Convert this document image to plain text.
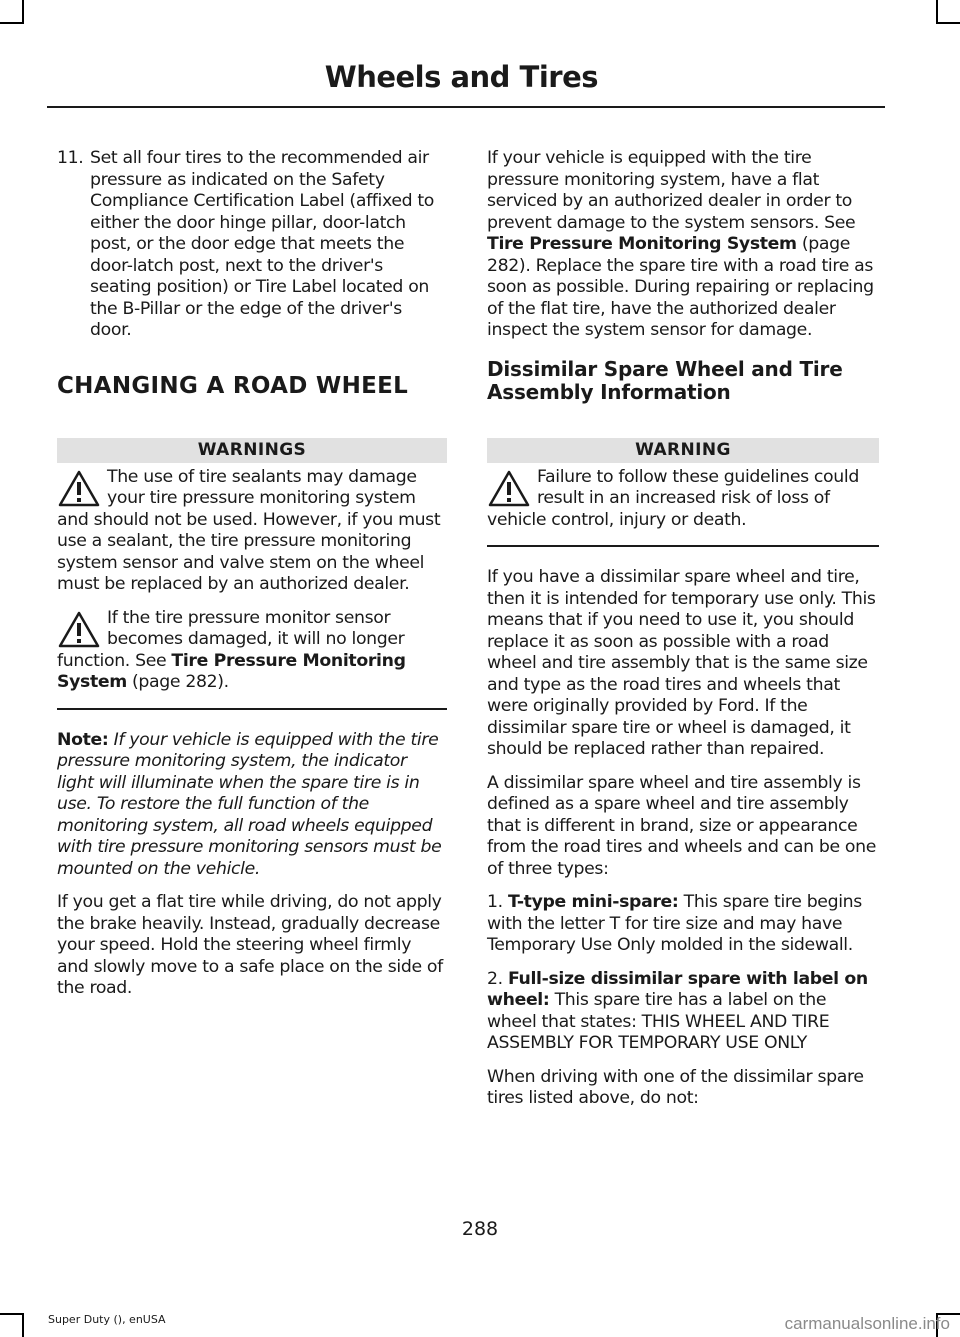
Wheels and Tires
11. Set all four tires to the recommended air pressure as indicated on the Safety Compliance Certification Label (affixed to either the door hinge pillar, door-latch post, or the door edge that meets the door-latch post, next to the driver's seating position) or Tire Label located on the B-Pillar or the edge of the driver's door.
CHANGING A ROAD WHEEL
WARNINGS
The use of tire sealants may damage your tire pressure monitoring system and should not be used. However, if you must use a sealant, the tire pressure monitoring system sensor and valve stem on the wheel must be replaced by an authorized dealer.
If the tire pressure monitor sensor becomes damaged, it will no longer function. See Tire Pressure Monitoring System (page 282).

Note: If your vehicle is equipped with the tire pressure monitoring system, the indicator light will illuminate when the spare tire is in use. To restore the full function of the monitoring system, all road wheels equipped with tire pressure monitoring sensors must be mounted on the vehicle.

If you get a flat tire while driving, do not apply the brake heavily. Instead, gradually decrease your speed. Hold the steering wheel firmly and slowly move to a safe place on the side of the road.

If your vehicle is equipped with the tire pressure monitoring system, have a flat serviced by an authorized dealer in order to prevent damage to the system sensors. See Tire Pressure Monitoring System (page 282). Replace the spare tire with a road tire as soon as possible. During repairing or replacing of the flat tire, have the authorized dealer inspect the system sensor for damage.

Dissimilar Spare Wheel and Tire Assembly Information
WARNING
Failure to follow these guidelines could result in an increased risk of loss of vehicle control, injury or death.

If you have a dissimilar spare wheel and tire, then it is intended for temporary use only. This means that if you need to use it, you should replace it as soon as possible with a road wheel and tire assembly that is the same size and type as the road tires and wheels that were originally provided by Ford. If the dissimilar spare tire or wheel is damaged, it should be replaced rather than repaired.

A dissimilar spare wheel and tire assembly is defined as a spare wheel and tire assembly that is different in brand, size or appearance from the road tires and wheels and can be one of three types:

1. T-type mini-spare: This spare tire begins with the letter T for tire size and may have Temporary Use Only molded in the sidewall.

2. Full-size dissimilar spare with label on wheel: This spare tire has a label on the wheel that states: THIS WHEEL AND TIRE ASSEMBLY FOR TEMPORARY USE ONLY

When driving with one of the dissimilar spare tires listed above, do not:

288
Super Duty (), enUSA	carmanualsonline.info
